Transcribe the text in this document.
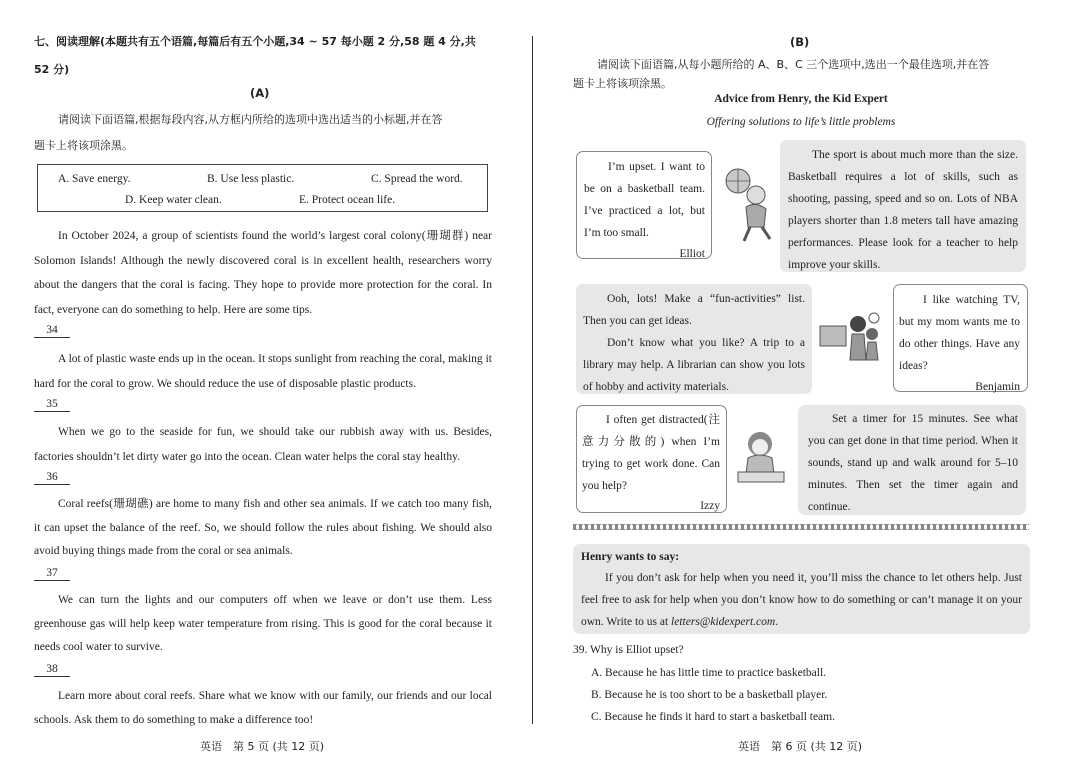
七、阅读理解(本题共有五个语篇,每篇后有五个小题,34 ~ 57 每小题 2 分,58 题 4 分,共
52 分)
(A)
请阅读下面语篇,根据每段内容,从方框内所给的选项中选出适当的小标题,并在答
题卡上将该项涂黑。
A. Save energy.	B. Use less plastic.	C. Spread the word.
D. Keep water clean.	E. Protect ocean life.
In October 2024, a group of scientists found the world’s largest coral colony(珊瑚群) near Solomon Islands! Although the newly discovered coral is in excellent health, researchers worry about the dangers that the coral is facing. They hope to provide more protection for the coral. In fact, everyone can do something to help. Here are some tips.
34
A lot of plastic waste ends up in the ocean. It stops sunlight from reaching the coral, making it hard for the coral to grow. We should reduce the use of disposable plastic products.
35
When we go to the seaside for fun, we should take our rubbish away with us. Besides, factories shouldn’t let dirty water go into the ocean. Clean water helps the coral stay healthy.
36
Coral reefs(珊瑚礁) are home to many fish and other sea animals. If we catch too many fish, it can upset the balance of the reef. So, we should follow the rules about fishing. We should also avoid buying things made from the coral or sea animals.
37
We can turn the lights and our computers off when we leave or don’t use them. Less greenhouse gas will help keep water temperature from rising. This is good for the coral because it needs cool water to survive.
38
Learn more about coral reefs. Share what we know with our family, our friends and our local schools. Ask them to do something to make a difference too!
英语　第 5 页 (共 12 页)
(B)
请阅读下面语篇,从每小题所给的 A、B、C 三个选项中,选出一个最佳选项,并在答
题卡上将该项涂黑。
Advice from Henry, the Kid Expert
Offering solutions to life’s little problems
I’m upset. I want to be on a basketball team. I’ve practiced a lot, but I’m too small.
Elliot
The sport is about much more than the size. Basketball requires a lot of skills, such as shooting, passing, speed and so on. Lots of NBA players shorter than 1.8 meters tall have amazing performances. Please look for a teacher to help improve your skills.
Ooh, lots! Make a “fun-activities” list. Then you can get ideas.
Don’t know what you like? A trip to a library may help. A librarian can show you lots of hobby and activity materials.
I like watching TV, but my mom wants me to do other things. Have any ideas?
Benjamin
I often get distracted(注意力分散的) when I’m trying to get work done. Can you help?
Izzy
Set a timer for 15 minutes. See what you can get done in that time period. When it sounds, stand up and walk around for 5–10 minutes. Then set the timer again and continue.
Henry wants to say:
If you don’t ask for help when you need it, you’ll miss the chance to let others help. Just feel free to ask for help when you don’t know how to do something or can’t manage it on your own. Write to us at letters@kidexpert.com.
39. Why is Elliot upset?
A. Because he has little time to practice basketball.
B. Because he is too short to be a basketball player.
C. Because he finds it hard to start a basketball team.
英语　第 6 页 (共 12 页)
